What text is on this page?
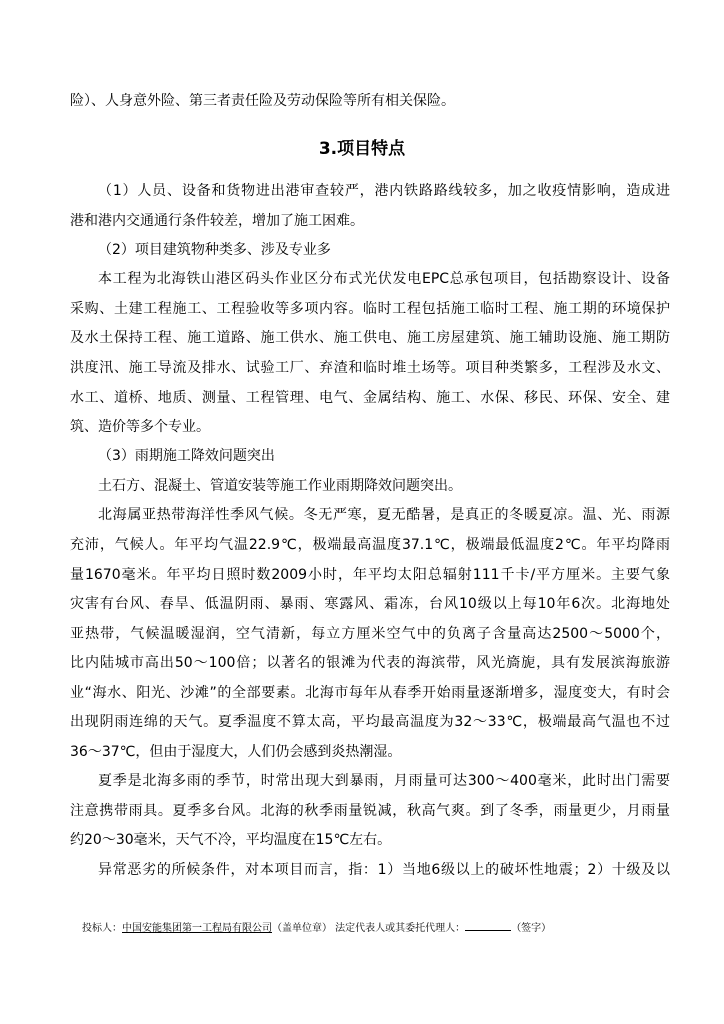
险）、人身意外险、第三者责任险及劳动保险等所有相关保险。
3.项目特点
（1）人员、设备和货物进出港审查较严，港内铁路路线较多，加之收疫情影响，造成进
港和港内交通通行条件较差，增加了施工困难。
（2）项目建筑物种类多、涉及专业多
本工程为北海铁山港区码头作业区分布式光伏发电EPC总承包项目，包括勘察设计、设备
采购、土建工程施工、工程验收等多项内容。临时工程包括施工临时工程、施工期的环境保护
及水土保持工程、施工道路、施工供水、施工供电、施工房屋建筑、施工辅助设施、施工期防
洪度汛、施工导流及排水、试验工厂、弃渣和临时堆土场等。项目种类繁多，工程涉及水文、
水工、道桥、地质、测量、工程管理、电气、金属结构、施工、水保、移民、环保、安全、建
筑、造价等多个专业。
（3）雨期施工降效问题突出
土石方、混凝土、管道安装等施工作业雨期降效问题突出。
北海属亚热带海洋性季风气候。冬无严寒，夏无酷暑，是真正的冬暖夏凉。温、光、雨源
充沛，气候人。年平均气温22.9℃，极端最高温度37.1℃，极端最低温度2℃。年平均降雨
量1670毫米。年平均日照时数2009小时，年平均太阳总辐射111千卡/平方厘米。主要气象
灾害有台风、春旱、低温阴雨、暴雨、寒露风、霜冻，台风10级以上每10年6次。北海地处
亚热带，气候温暖湿润，空气清新，每立方厘米空气中的负离子含量高达2500～5000个，
比内陆城市高出50～100倍；以著名的银滩为代表的海滨带，风光旖旎，具有发展滨海旅游
业“海水、阳光、沙滩”的全部要素。北海市每年从春季开始雨量逐渐增多，湿度变大，有时会
出现阴雨连绵的天气。夏季温度不算太高，平均最高温度为32～33℃，极端最高气温也不过
36～37℃，但由于湿度大，人们仍会感到炎热潮湿。
夏季是北海多雨的季节，时常出现大到暴雨，月雨量可达300～400毫米，此时出门需要
注意携带雨具。夏季多台风。北海的秋季雨量锐减，秋高气爽。到了冬季，雨量更少，月雨量
约20～30毫米，天气不冷，平均温度在15℃左右。
异常恶劣的所候条件，对本项目而言，指：1）当地6级以上的破坏性地震；2）十级及以
投标人：中国安能集团第一工程局有限公司（盖单位章） 法定代表人或其委托代理人：	（签字）
